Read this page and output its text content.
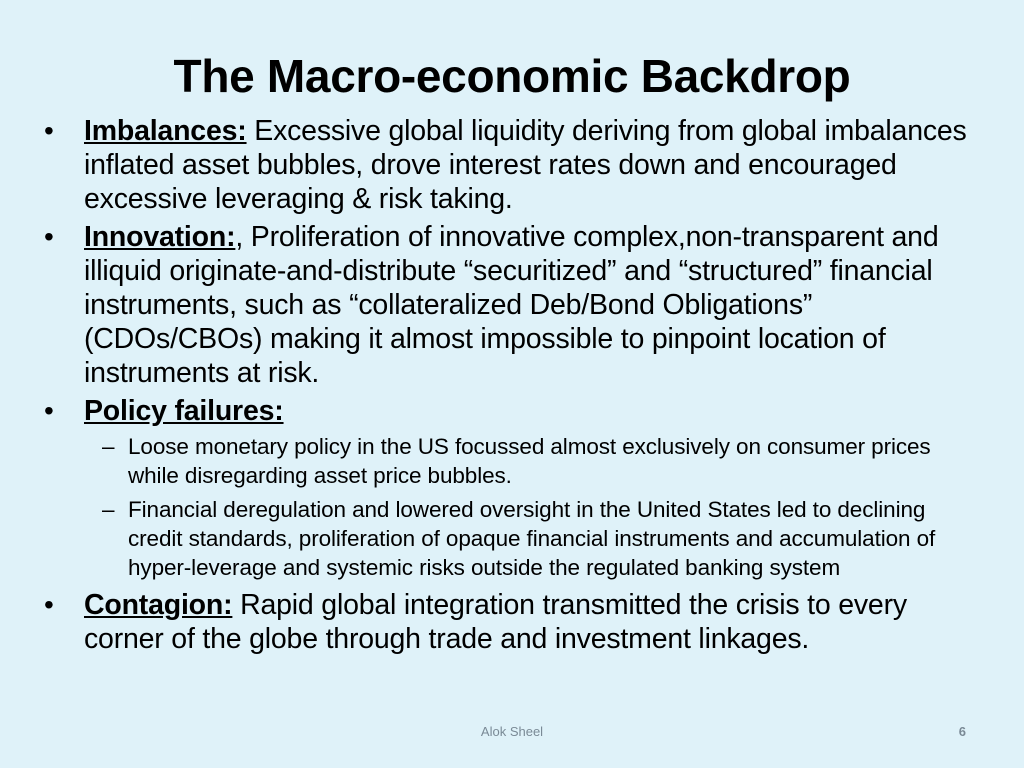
The Macro-economic Backdrop
•	Imbalances: Excessive global liquidity deriving from global imbalances inflated asset bubbles, drove interest rates down and encouraged excessive leveraging & risk taking.
•	Innovation:, Proliferation of innovative complex,non-transparent and illiquid originate-and-distribute “securitized” and “structured” financial instruments, such as “collateralized Deb/Bond Obligations” (CDOs/CBOs) making it almost impossible to pinpoint location of instruments at risk.
•	Policy failures:
– Loose monetary policy in the US focussed almost exclusively on consumer prices while disregarding asset price bubbles.
– Financial deregulation and lowered oversight in the United States led to declining credit standards, proliferation of opaque financial instruments and accumulation of hyper-leverage and systemic risks outside the regulated banking system
•	Contagion: Rapid global integration transmitted the crisis to every corner of the globe through trade and investment linkages.
Alok Sheel	6
